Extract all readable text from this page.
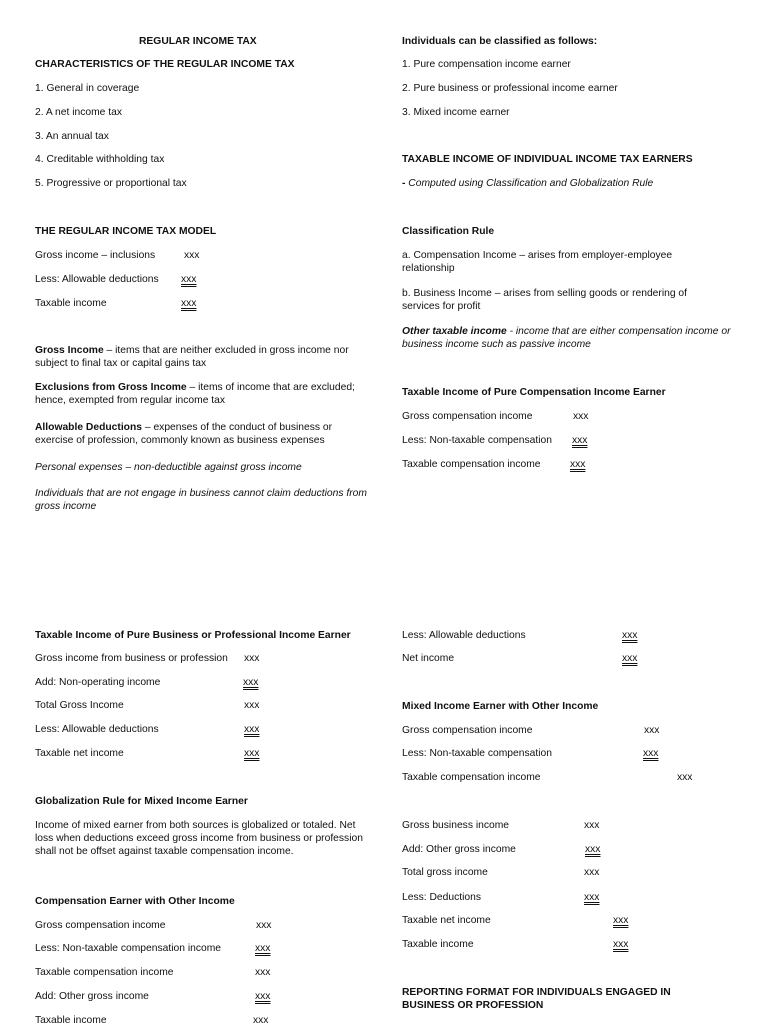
REGULAR INCOME TAX
CHARACTERISTICS OF THE REGULAR INCOME TAX
1. General in coverage
2. A net income tax
3. An annual tax
4. Creditable withholding tax
5. Progressive or proportional tax
THE REGULAR INCOME TAX MODEL
Gross income – inclusions	xxx
Less: Allowable deductions xxx
Taxable income	xxx
Gross Income – items that are neither excluded in gross income nor subject to final tax or capital gains tax
Exclusions from Gross Income – items of income that are excluded; hence, exempted from regular income tax
Allowable Deductions – expenses of the conduct of business or exercise of profession, commonly known as business expenses
Personal expenses – non-deductible against gross income
Individuals that are not engage in business cannot claim deductions from gross income
Individuals can be classified as follows:
1. Pure compensation income earner
2. Pure business or professional income earner
3. Mixed income earner
TAXABLE INCOME OF INDIVIDUAL INCOME TAX EARNERS
- Computed using Classification and Globalization Rule
Classification Rule
a. Compensation Income – arises from employer-employee relationship
b. Business Income – arises from selling goods or rendering of services for profit
Other taxable income - income that are either compensation income or business income such as passive income
Taxable Income of Pure Compensation Income Earner
Gross compensation income	xxx
Less: Non-taxable compensation xxx
Taxable compensation income	xxx
Taxable Income of Pure Business or Professional Income Earner
Gross income from business or profession xxx
Add: Non-operating income	xxx
Total Gross Income	xxx
Less: Allowable deductions	xxx
Taxable net income	xxx
Globalization Rule for Mixed Income Earner
Income of mixed earner from both sources is globalized or totaled. Net loss when deductions exceed gross income from business or profession shall not be offset against taxable compensation income.
Compensation Earner with Other Income
Gross compensation income	xxx
Less: Non-taxable compensation income	xxx
Taxable compensation income	xxx
Add: Other gross income	xxx
Taxable income	xxx
Less: Allowable deductions	xxx
Net income	xxx
Mixed Income Earner with Other Income
Gross compensation income	xxx
Less: Non-taxable compensation	xxx
Taxable compensation income	xxx
Gross business income	xxx
Add: Other gross income	xxx
Total gross income	xxx
Less: Deductions	xxx
Taxable net income	xxx
Taxable income	xxx
REPORTING FORMAT FOR INDIVIDUALS ENGAGED IN BUSINESS OR PROFESSION
